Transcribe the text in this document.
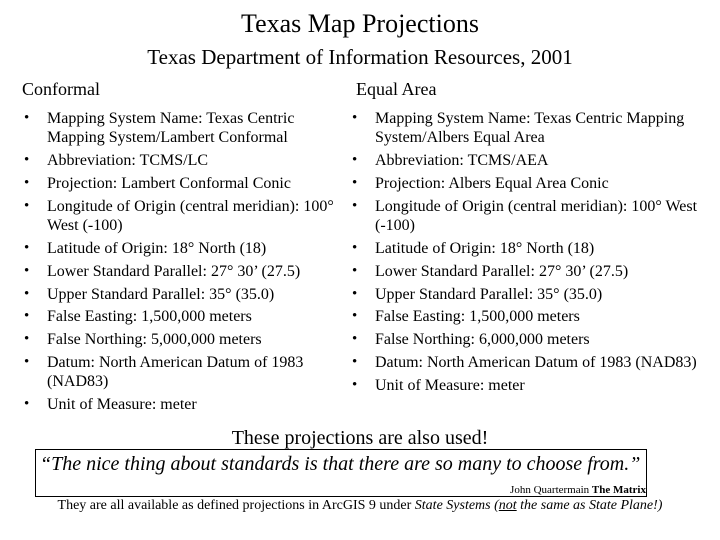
Texas Map Projections
Texas Department of Information Resources, 2001
Conformal
• Mapping System Name: Texas Centric Mapping System/Lambert Conformal
• Abbreviation: TCMS/LC
• Projection: Lambert Conformal Conic
• Longitude of Origin (central meridian): 100° West (-100)
• Latitude of Origin: 18° North (18)
• Lower Standard Parallel: 27° 30’ (27.5)
• Upper Standard Parallel: 35° (35.0)
• False Easting: 1,500,000 meters
• False Northing: 5,000,000 meters
• Datum: North American Datum of 1983 (NAD83)
• Unit of Measure: meter
Equal Area
• Mapping System Name: Texas Centric Mapping System/Albers Equal Area
• Abbreviation: TCMS/AEA
• Projection: Albers Equal Area Conic
• Longitude of Origin (central meridian): 100° West (-100)
• Latitude of Origin: 18° North (18)
• Lower Standard Parallel: 27° 30’ (27.5)
• Upper Standard Parallel: 35° (35.0)
• False Easting: 1,500,000 meters
• False Northing: 6,000,000 meters
• Datum: North American Datum of 1983 (NAD83)
• Unit of Measure: meter
These projections are also used!
“The nice thing about standards is that there are so many to choose from.”
John Quartermain The Matrix
They are all available as defined projections in ArcGIS 9 under State Systems (not the same as State Plane!)
